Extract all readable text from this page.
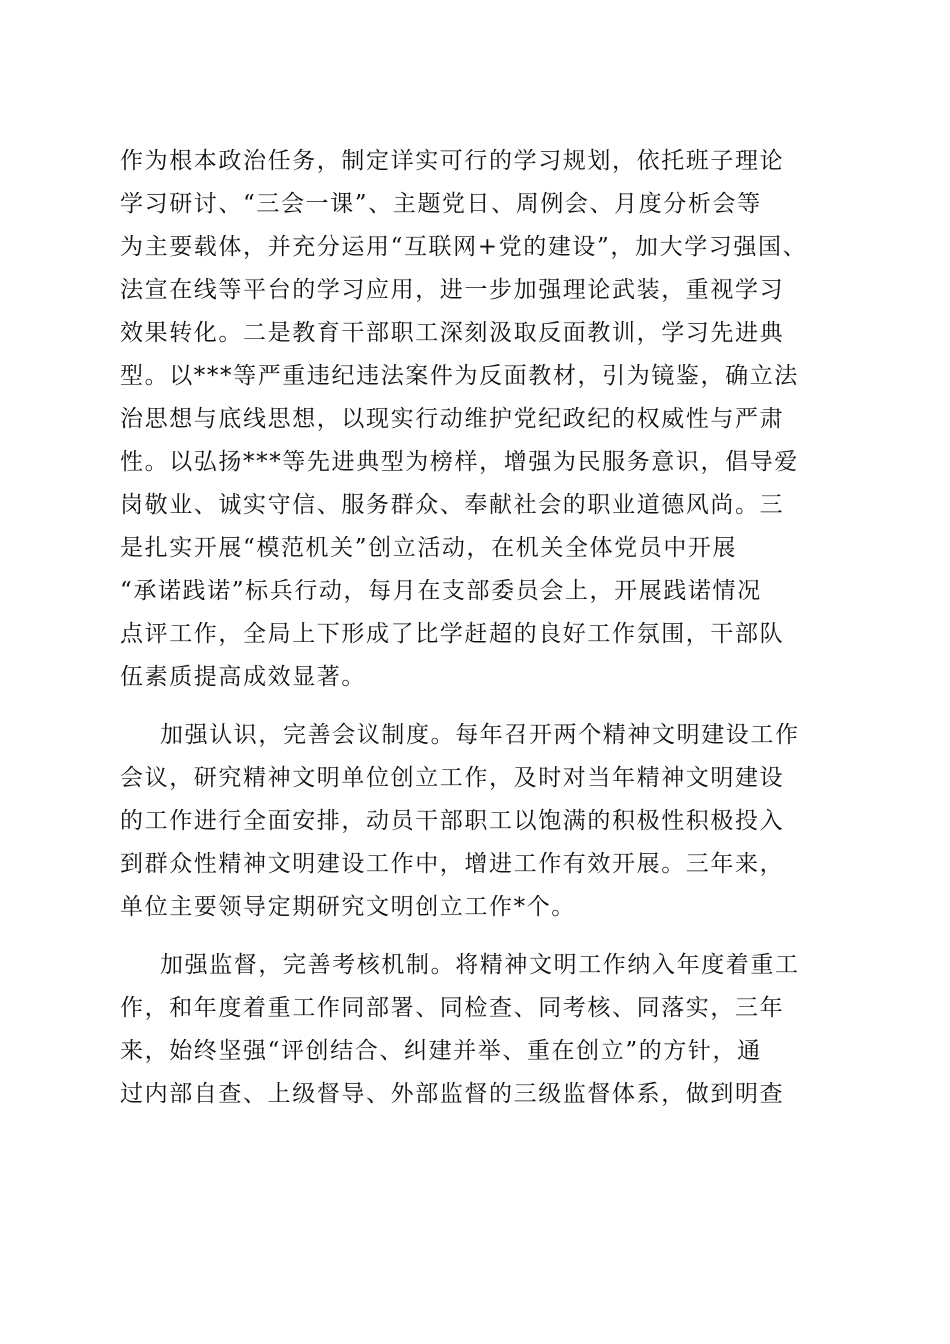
作为根本政治任务，制定详实可行的学习规划，依托班子理论
学习研讨、“三会一课”、主题党日、周例会、月度分析会等
为主要载体，并充分运用“互联网+党的建设”，加大学习强国、
法宣在线等平台的学习应用，进一步加强理论武装，重视学习
效果转化。二是教育干部职工深刻汲取反面教训，学习先进典
型。以***等严重违纪违法案件为反面教材，引为镜鉴，确立法
治思想与底线思想，以现实行动维护党纪政纪的权威性与严肃
性。以弘扬***等先进典型为榜样，增强为民服务意识，倡导爱
岗敬业、诚实守信、服务群众、奉献社会的职业道德风尚。三
是扎实开展“模范机关”创立活动，在机关全体党员中开展
“承诺践诺”标兵行动，每月在支部委员会上，开展践诺情况
点评工作，全局上下形成了比学赶超的良好工作氛围，干部队
伍素质提高成效显著。
加强认识，完善会议制度。每年召开两个精神文明建设工作
会议，研究精神文明单位创立工作，及时对当年精神文明建设
的工作进行全面安排，动员干部职工以饱满的积极性积极投入
到群众性精神文明建设工作中，增进工作有效开展。三年来，
单位主要领导定期研究文明创立工作*个。
加强监督，完善考核机制。将精神文明工作纳入年度着重工
作，和年度着重工作同部署、同检查、同考核、同落实，三年
来，始终坚强“评创结合、纠建并举、重在创立”的方针，通
过内部自查、上级督导、外部监督的三级监督体系，做到明查
